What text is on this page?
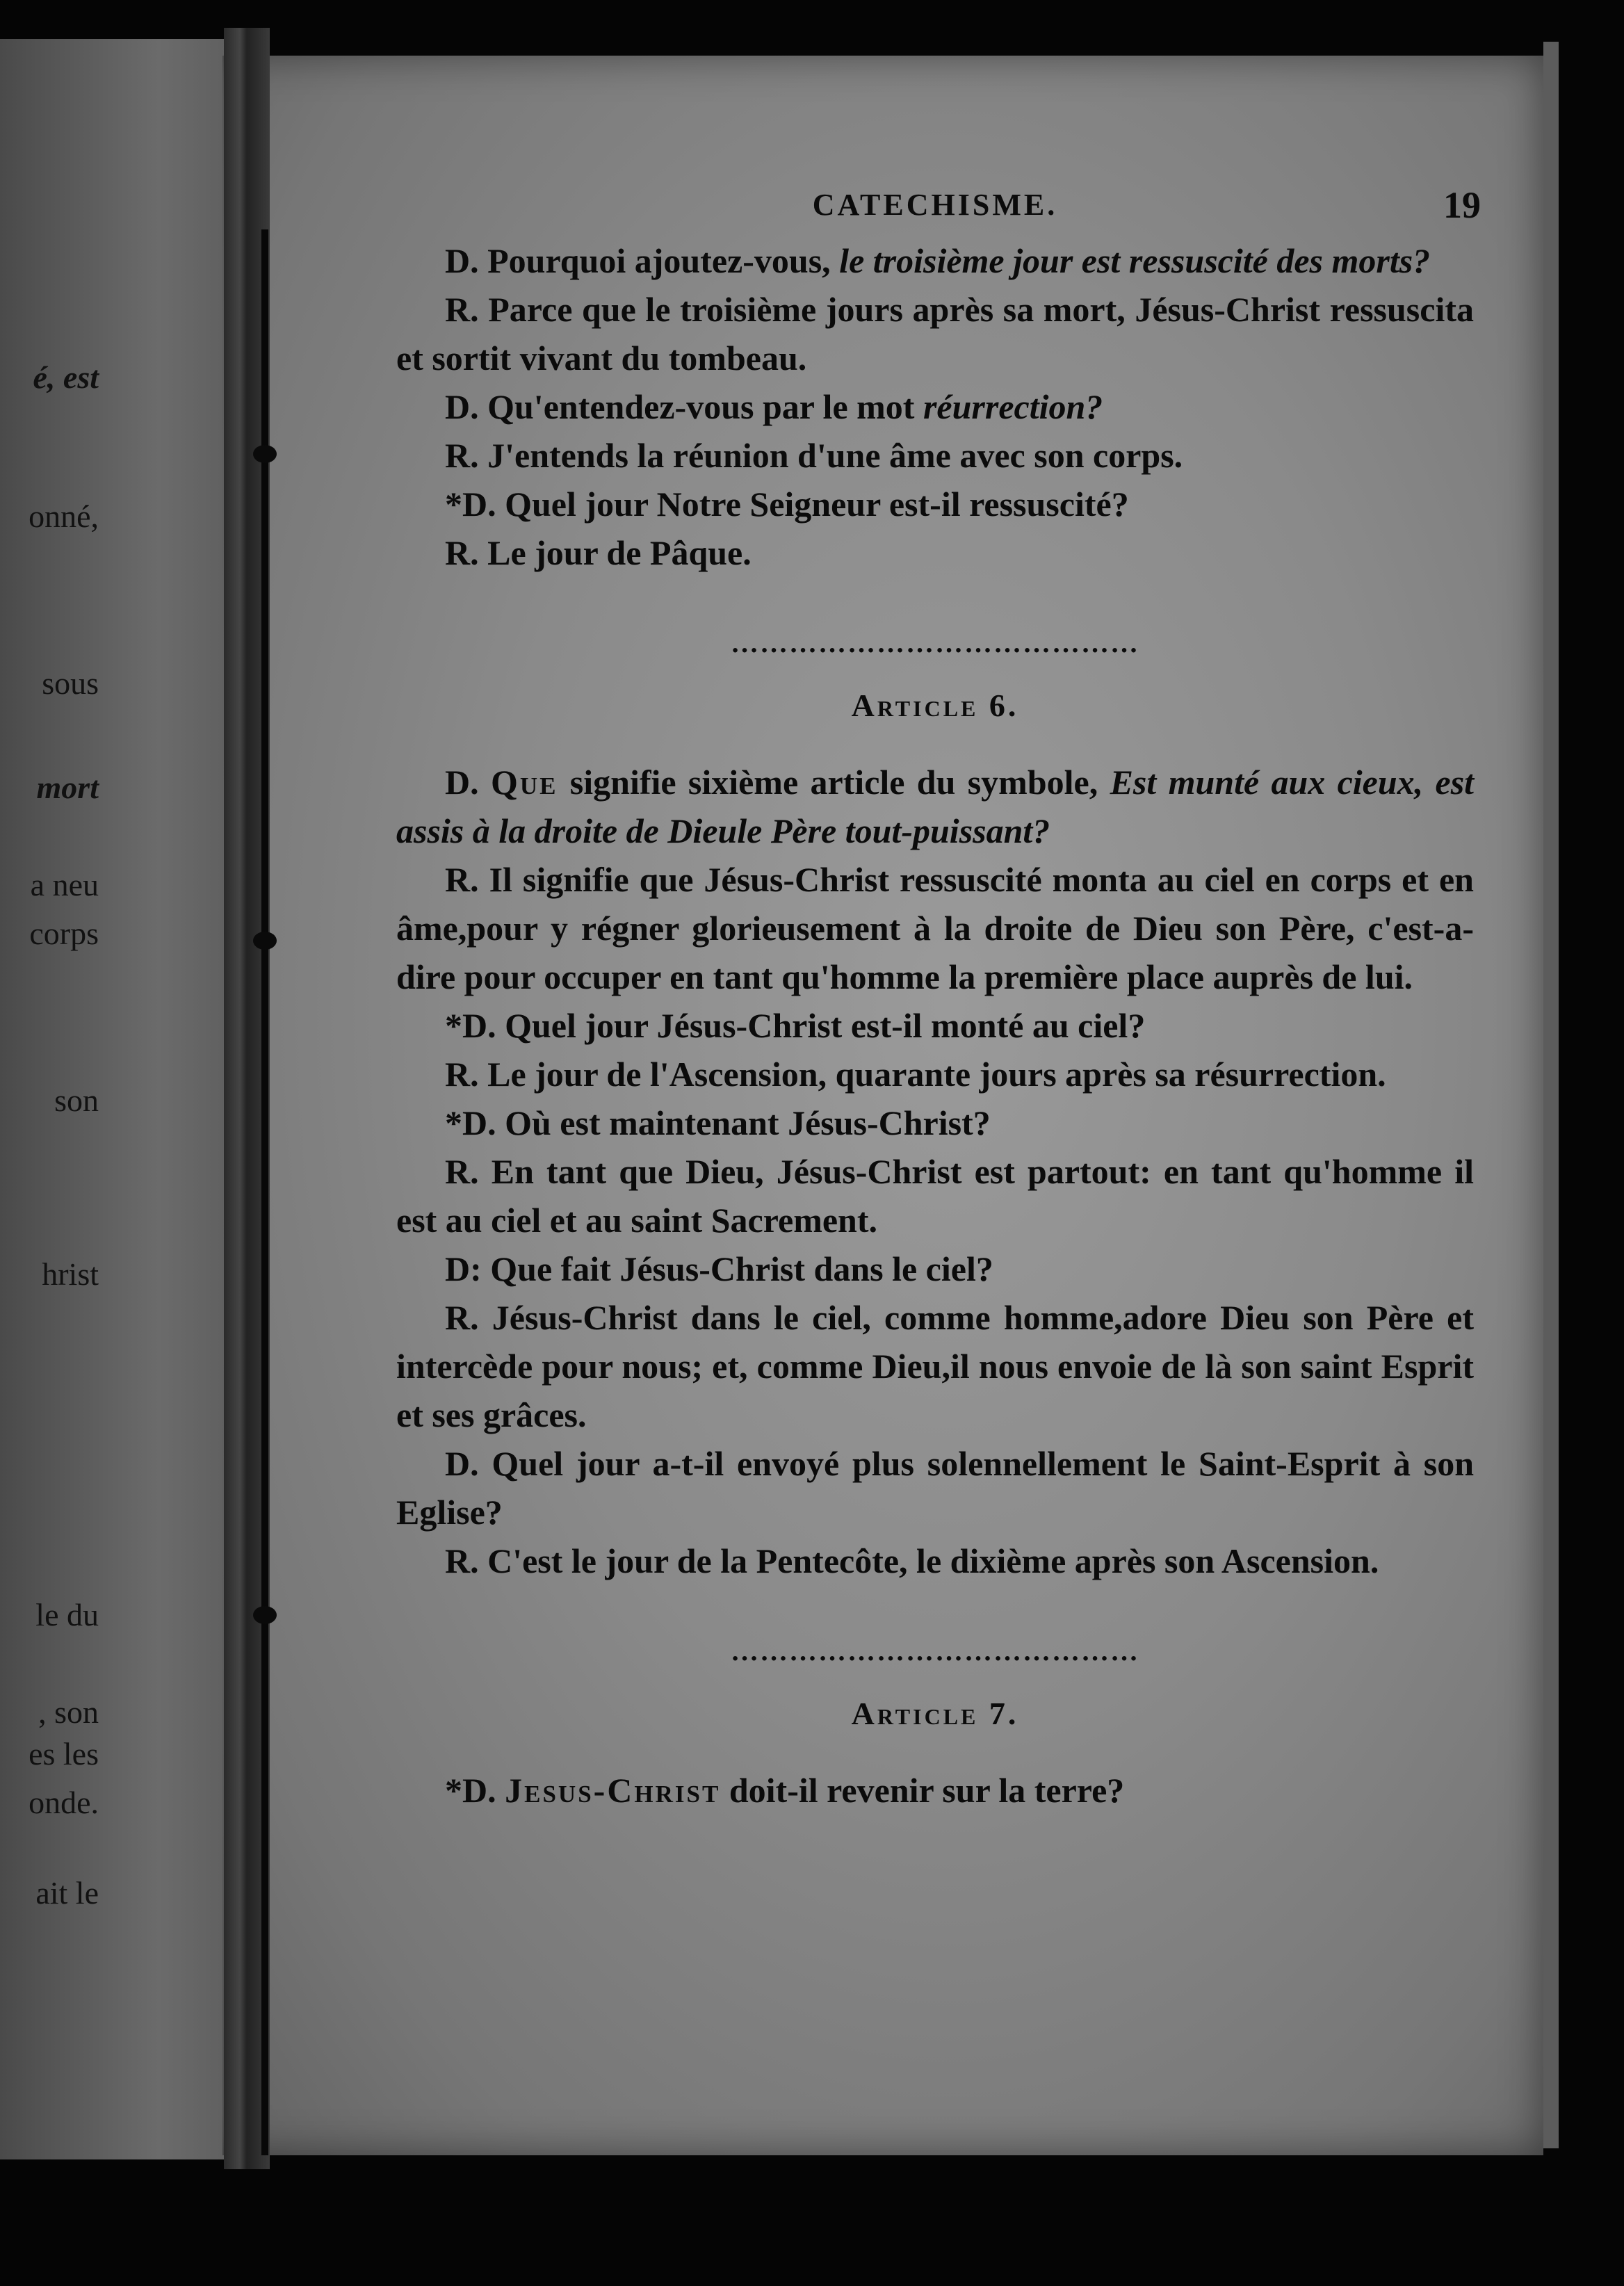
é, est
onné,
sous
mort
a neu
corps
son
hrist
le du
, son
es les
onde.
ait le
CATECHISME.	19

D. Pourquoi ajoutez-vous, le troisième jour est ressuscité des morts?

R. Parce que le troisième jours après sa mort, Jésus-Christ ressuscita et sortit vivant du tombeau.

D. Qu'entendez-vous par le mot réurrection?

R. J'entends la réunion d'une âme avec son corps.

*D. Quel jour Notre Seigneur est-il ressuscité?

R. Le jour de Pâque.

……………………………………
Article 6.

D. Que signifie sixième article du symbole, Est munté aux cieux, est assis à la droite de Dieule Père tout-puissant?

R. Il signifie que Jésus-Christ ressuscité monta au ciel en corps et en âme,pour y régner glorieusement à la droite de Dieu son Père, c'est-a-dire pour occuper en tant qu'homme la première place auprès de lui.

*D. Quel jour Jésus-Christ est-il monté au ciel?

R. Le jour de l'Ascension, quarante jours après sa résurrection.

*D. Où est maintenant Jésus-Christ?

R. En tant que Dieu, Jésus-Christ est partout: en tant qu'homme il est au ciel et au saint Sacrement.

D: Que fait Jésus-Christ dans le ciel?

R. Jésus-Christ dans le ciel, comme homme,adore Dieu son Père et intercède pour nous; et, comme Dieu,il nous envoie de là son saint Esprit et ses grâces.

D. Quel jour a-t-il envoyé plus solennellement le Saint-Esprit à son Eglise?

R. C'est le jour de la Pentecôte, le dixième après son Ascension.

……………………………………
Article 7.

*D. Jesus-Christ doit-il revenir sur la terre?
